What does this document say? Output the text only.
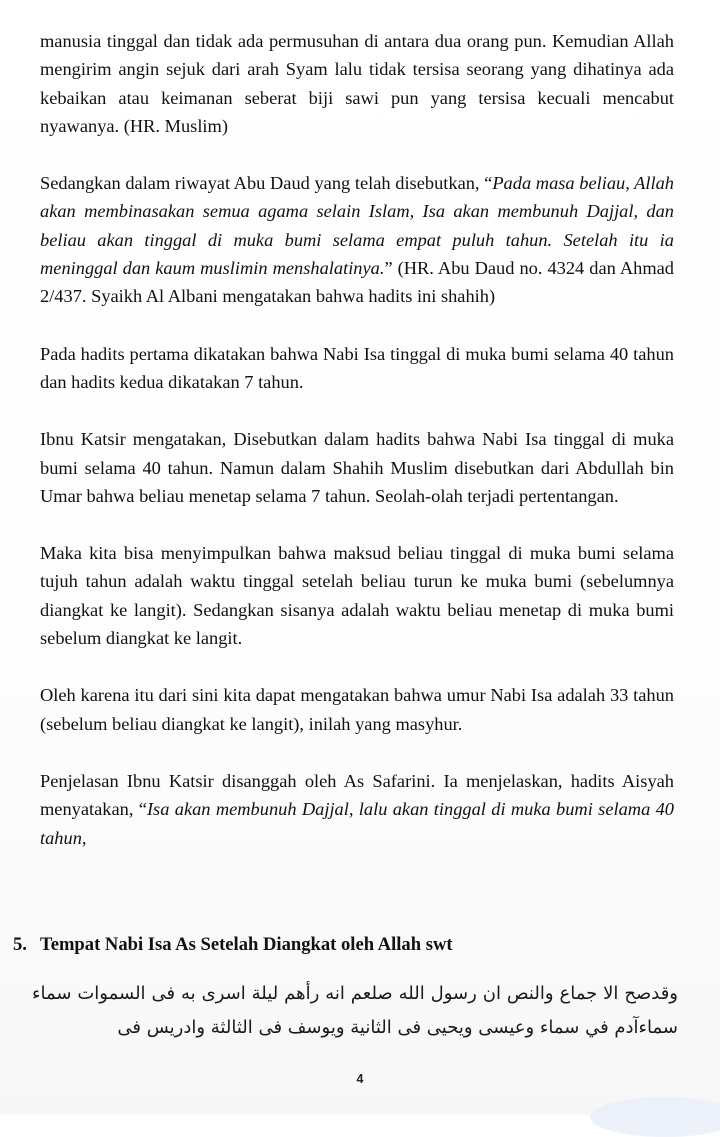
manusia tinggal dan tidak ada permusuhan di antara dua orang pun. Kemudian Allah mengirim angin sejuk dari arah Syam lalu tidak tersisa seorang yang dihatinya ada kebaikan atau keimanan seberat biji sawi pun yang tersisa kecuali mencabut nyawanya. (HR. Muslim)

Sedangkan dalam riwayat Abu Daud yang telah disebutkan, “Pada masa beliau, Allah akan membinasakan semua agama selain Islam, Isa akan membunuh Dajjal, dan beliau akan tinggal di muka bumi selama empat puluh tahun. Setelah itu ia meninggal dan kaum muslimin menshalatinya.” (HR. Abu Daud no. 4324 dan Ahmad 2/437. Syaikh Al Albani mengatakan bahwa hadits ini shahih)

Pada hadits pertama dikatakan bahwa Nabi Isa tinggal di muka bumi selama 40 tahun dan hadits kedua dikatakan 7 tahun.

Ibnu Katsir mengatakan, Disebutkan dalam hadits bahwa Nabi Isa tinggal di muka bumi selama 40 tahun. Namun dalam Shahih Muslim disebutkan dari Abdullah bin Umar bahwa beliau menetap selama 7 tahun. Seolah-olah terjadi pertentangan.

Maka kita bisa menyimpulkan bahwa maksud beliau tinggal di muka bumi selama tujuh tahun adalah waktu tinggal setelah beliau turun ke muka bumi (sebelumnya diangkat ke langit). Sedangkan sisanya adalah waktu beliau menetap di muka bumi sebelum diangkat ke langit.

Oleh karena itu dari sini kita dapat mengatakan bahwa umur Nabi Isa adalah 33 tahun (sebelum beliau diangkat ke langit), inilah yang masyhur.

Penjelasan Ibnu Katsir disanggah oleh As Safarini. Ia menjelaskan, hadits Aisyah menyatakan, “Isa akan membunuh Dajjal, lalu akan tinggal di muka bumi selama 40 tahun,

5. Tempat Nabi Isa As Setelah Diangkat oleh Allah swt
وقدصح الا جماع والنص ان رسول الله صلعم انه رأهم ليلة اسرى به فى السموات سماء سماءآدم في سماء وعيسى ويحيى فى الثانية ويوسف فى الثالثة وادريس فى
4
